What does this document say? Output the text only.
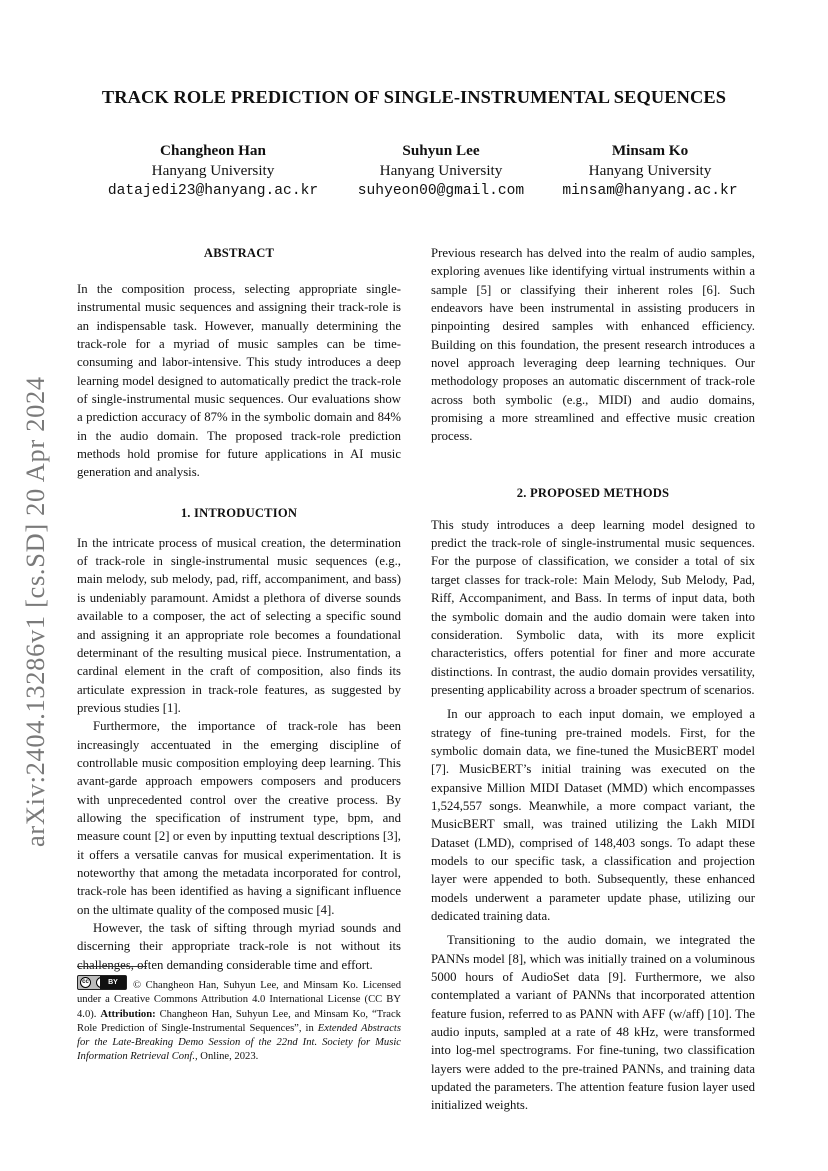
TRACK ROLE PREDICTION OF SINGLE-INSTRUMENTAL SEQUENCES
Changheon Han
Hanyang University
datajedi23@hanyang.ac.kr
Suhyun Lee
Hanyang University
suhyeon00@gmail.com
Minsam Ko
Hanyang University
minsam@hanyang.ac.kr
arXiv:2404.13286v1 [cs.SD] 20 Apr 2024
ABSTRACT

In the composition process, selecting appropriate single-instrumental music sequences and assigning their track-role is an indispensable task. However, manually determining the track-role for a myriad of music samples can be time-consuming and labor-intensive. This study introduces a deep learning model designed to automatically predict the track-role of single-instrumental music sequences. Our evaluations show a prediction accuracy of 87% in the symbolic domain and 84% in the audio domain. The proposed track-role prediction methods hold promise for future applications in AI music generation and analysis.

1. INTRODUCTION

In the intricate process of musical creation, the determination of track-role in single-instrumental music sequences (e.g., main melody, sub melody, pad, riff, accompaniment, and bass) is undeniably paramount. Amidst a plethora of diverse sounds available to a composer, the act of selecting a specific sound and assigning it an appropriate role becomes a foundational determinant of the resulting musical piece. Instrumentation, a cardinal element in the craft of composition, also finds its articulate expression in track-role features, as suggested by previous studies [1].

Furthermore, the importance of track-role has been increasingly accentuated in the emerging discipline of controllable music composition employing deep learning. This avant-garde approach empowers composers and producers with unprecedented control over the creative process. By allowing the specification of instrument type, bpm, and measure count [2] or even by inputting textual descriptions [3], it offers a versatile canvas for musical experimentation. It is noteworthy that among the metadata incorporated for control, track-role has been identified as having a significant influence on the ultimate quality of the composed music [4].

However, the task of sifting through myriad sounds and discerning their appropriate track-role is not without its challenges, often demanding considerable time and effort.

cc	BY	© Changheon Han, Suhyun Lee, and Minsam Ko. Licensed under a Creative Commons Attribution 4.0 International License (CC BY 4.0). Attribution: Changheon Han, Suhyun Lee, and Minsam Ko, “Track Role Prediction of Single-Instrumental Sequences”, in Extended Abstracts for the Late-Breaking Demo Session of the 22nd Int. Society for Music Information Retrieval Conf., Online, 2023.

Previous research has delved into the realm of audio samples, exploring avenues like identifying virtual instruments within a sample [5] or classifying their inherent roles [6]. Such endeavors have been instrumental in assisting producers in pinpointing desired samples with enhanced efficiency. Building on this foundation, the present research introduces a novel approach leveraging deep learning techniques. Our methodology proposes an automatic discernment of track-role across both symbolic (e.g., MIDI) and audio domains, promising a more streamlined and effective music creation process.

2. PROPOSED METHODS

This study introduces a deep learning model designed to predict the track-role of single-instrumental music sequences. For the purpose of classification, we consider a total of six target classes for track-role: Main Melody, Sub Melody, Pad, Riff, Accompaniment, and Bass. In terms of input data, both the symbolic domain and the audio domain were taken into consideration. Symbolic data, with its more explicit characteristics, offers potential for finer and more accurate distinctions. In contrast, the audio domain provides versatility, presenting applicability across a broader spectrum of scenarios.

In our approach to each input domain, we employed a strategy of fine-tuning pre-trained models. First, for the symbolic domain data, we fine-tuned the MusicBERT model [7]. MusicBERT’s initial training was executed on the expansive Million MIDI Dataset (MMD) which encompasses 1,524,557 songs. Meanwhile, a more compact variant, the MusicBERT small, was trained utilizing the Lakh MIDI Dataset (LMD), comprised of 148,403 songs. To adapt these models to our specific task, a classification and projection layer were appended to both. Subsequently, these enhanced models underwent a parameter update phase, utilizing our dedicated training data.

Transitioning to the audio domain, we integrated the PANNs model [8], which was initially trained on a voluminous 5000 hours of AudioSet data [9]. Furthermore, we also contemplated a variant of PANNs that incorporated attention feature fusion, referred to as PANN with AFF (w/aff) [10]. The audio inputs, sampled at a rate of 48 kHz, were transformed into log-mel spectrograms. For fine-tuning, two classification layers were added to the pre-trained PANNs, and training data updated the parameters. The attention feature fusion layer used initialized weights.
